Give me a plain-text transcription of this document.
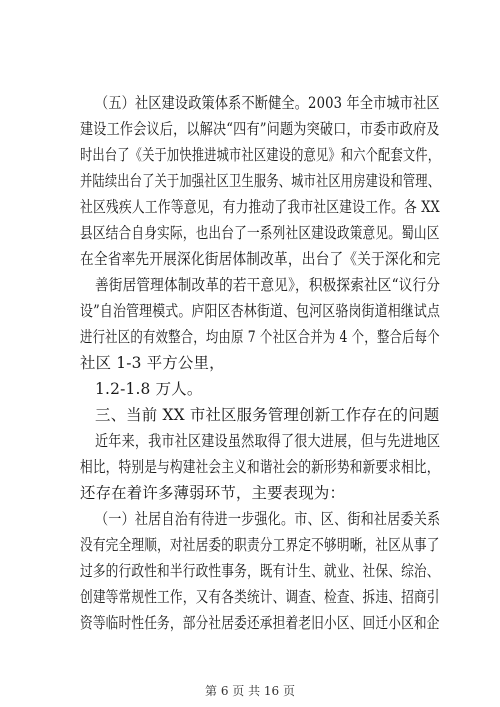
（五）社区建设政策体系不断健全。2003 年全市城市社区
建设工作会议后，以解决“四有”问题为突破口，市委市政府及
时出台了《关于加快推进城市社区建设的意见》和六个配套文件，
并陆续出台了关于加强社区卫生服务、城市社区用房建设和管理、
社区残疾人工作等意见，有力推动了我市社区建设工作。各 XX
县区结合自身实际，也出台了一系列社区建设政策意见。蜀山区
在全省率先开展深化街居体制改革，出台了《关于深化和完
善街居管理体制改革的若干意见》，积极探索社区“议行分
设”自治管理模式。庐阳区杏林街道、包河区骆岗街道相继试点
进行社区的有效整合，均由原 7 个社区合并为 4 个，整合后每个
社区 1-3 平方公里，
1.2-1.8 万人。
三、当前 XX 市社区服务管理创新工作存在的问题
近年来，我市社区建设虽然取得了很大进展，但与先进地区
相比，特别是与构建社会主义和谐社会的新形势和新要求相比，
还存在着许多薄弱环节，主要表现为：
（一）社居自治有待进一步强化。市、区、街和社居委关系
没有完全理顺，对社居委的职责分工界定不够明晰，社区从事了
过多的行政性和半行政性事务，既有计生、就业、社保、综治、
创建等常规性工作，又有各类统计、调查、检查、拆违、招商引
资等临时性任务，部分社居委还承担着老旧小区、回迁小区和企
第 6 页 共 16 页
